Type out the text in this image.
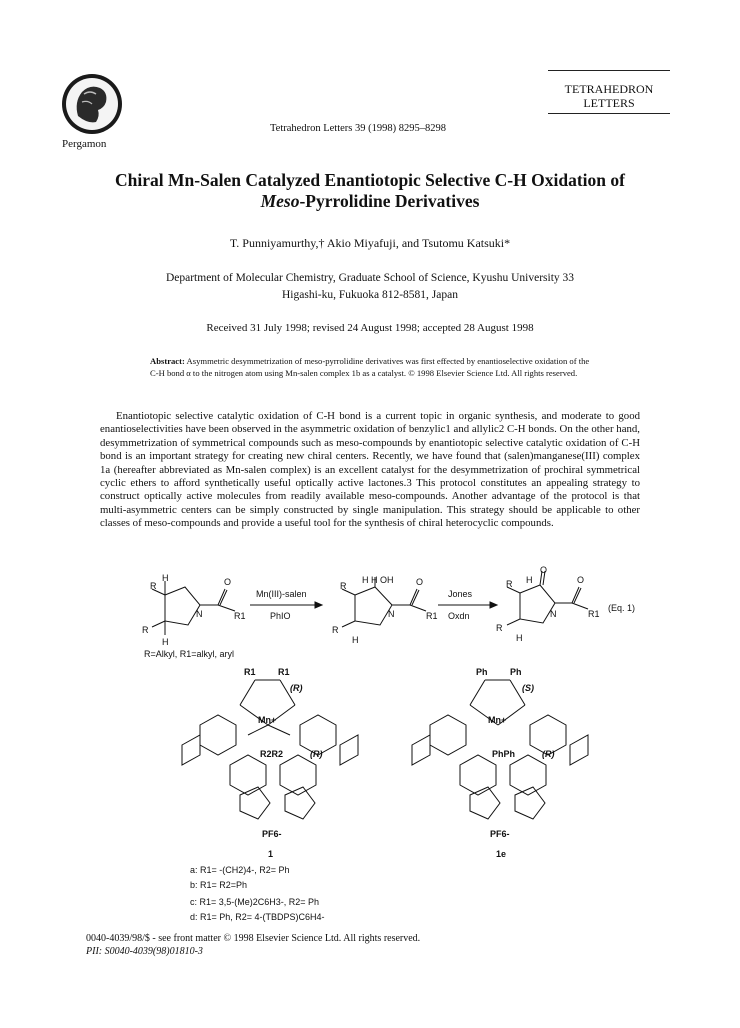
Pergamon
Tetrahedron Letters 39 (1998) 8295–8298
TETRAHEDRON
LETTERS
Chiral Mn-Salen Catalyzed Enantiotopic Selective C-H Oxidation of
Meso-Pyrrolidine Derivatives
T. Punniyamurthy,† Akio Miyafuji, and Tsutomu Katsuki*
Department of Molecular Chemistry, Graduate School of Science, Kyushu University 33
Higashi-ku, Fukuoka 812-8581, Japan
Received 31 July 1998; revised 24 August 1998; accepted 28 August 1998
Abstract: Asymmetric desymmetrization of meso-pyrrolidine derivatives was first effected by enantioselective oxidation of the C-H bond α to the nitrogen atom using Mn-salen complex 1b as a catalyst. © 1998 Elsevier Science Ltd. All rights reserved.
Enantiotopic selective catalytic oxidation of C-H bond is a current topic in organic synthesis, and moderate to good enantioselectivities have been observed in the asymmetric oxidation of benzylic1 and allylic2 C-H bonds. On the other hand, desymmetrization of symmetrical compounds such as meso-compounds by enantiotopic selective catalytic oxidation of C-H bond is an important strategy for creating new chiral centers. Recently, we have found that (salen)manganese(III) complex 1a (hereafter abbreviated as Mn-salen complex) is an excellent catalyst for the desymmetrization of prochiral symmetrical cyclic ethers to afford synthetically useful optically active lactones.3 This protocol constitutes an appealing strategy to construct optically active molecules from readily available meso-compounds. Another advantage of the protocol is that multi-asymmetric centers can be simply constructed by single manipulation. This strategy should be applicable to other classes of meso-compounds and provide a useful tool for the synthesis of chiral heterocyclic compounds.
R
H	O
N	R1
R
H
Mn(III)-salen
PhIO
R
H H OH	O
N	R1
R
H
Jones
Oxdn
R H
O
O
N	R1
R
H
(Eq. 1)
R=Alkyl, R1=alkyl, aryl
R1 R1
(R)
Mn+
R2R2	(R)
PF6-
1
Ph Ph
(S)
Mn+
PhPh	(R)
PF6-
1e
a: R1= -(CH2)4-, R2= Ph
b: R1= R2=Ph
c: R1= 3,5-(Me)2C6H3-, R2= Ph
d: R1= Ph, R2= 4-(TBDPS)C6H4-
0040-4039/98/$ - see front matter © 1998 Elsevier Science Ltd. All rights reserved.
PII: S0040-4039(98)01810-3
